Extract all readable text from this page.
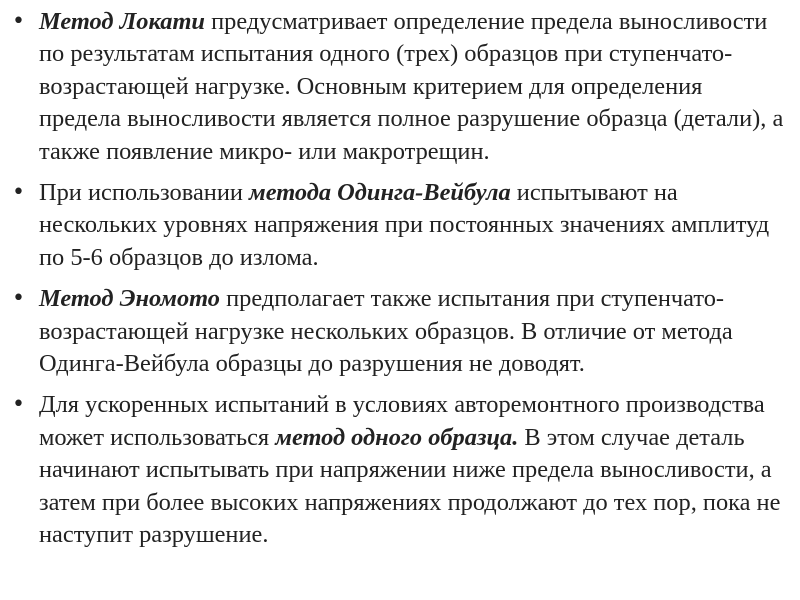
• Метод Локати предусматривает определение предела выносливости по результатам испытания одного (трех) образцов при ступенчато-возрастающей нагрузке. Основным критерием для определения предела выносливости является полное разрушение образца (детали), а также появление микро- или макротрещин.
• При использовании метода Одинга-Вейбула испытывают на нескольких уровнях напряжения при постоянных значениях амплитуд по 5-6 образцов до излома.
• Метод Эномото предполагает также испытания при ступенчато-возрастающей нагрузке нескольких образцов. В отличие от метода Одинга-Вейбула образцы до разрушения не доводят.
• Для ускоренных испытаний в условиях авторемонтного производства может использоваться метод одного образца. В этом случае деталь начинают испытывать при напряжении ниже предела выносливости, а затем при более высоких напряжениях продолжают до тех пор, пока не наступит разрушение.
